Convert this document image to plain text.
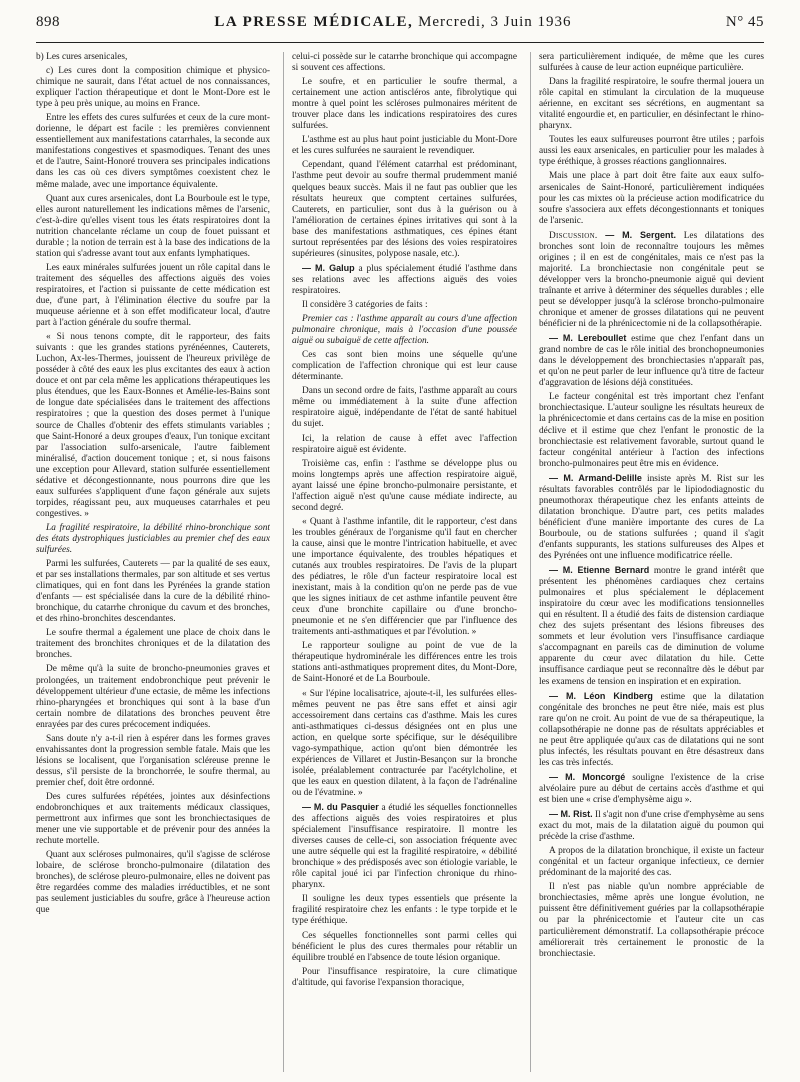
898	LA PRESSE MÉDICALE, Mercredi, 3 Juin 1936	N° 45

b) Les cures arsenicales,

c) Les cures dont la composition chimique et physico-chimique ne saurait, dans l'état actuel de nos connaissances, expliquer l'action thérapeutique et dont le Mont-Dore est le type à peu près unique, au moins en France.

Entre les effets des cures sulfurées et ceux de la cure mont-dorienne, le départ est facile : les premières conviennent essentiellement aux manifestations catarrhales, la seconde aux manifestations congestives et spasmodiques. Tenant des unes et de l'autre, Saint-Honoré trouvera ses principales indications dans les cas où ces divers symptômes coexistent chez le même malade, avec une importance équivalente.

Quant aux cures arsenicales, dont La Bourboule est le type, elles auront naturellement les indications mêmes de l'arsenic, c'est-à-dire qu'elles visent tous les états respiratoires dont la nutrition chancelante réclame un coup de fouet puissant et durable ; la notion de terrain est à la base des indications de la station qui s'adresse avant tout aux enfants lymphatiques.

Les eaux minérales sulfurées jouent un rôle capital dans le traitement des séquelles des affections aiguës des voies respiratoires, et l'action si puissante de cette médication est due, d'une part, à l'élimination élective du soufre par la muqueuse aérienne et à son effet modificateur local, d'autre part à l'action générale du soufre thermal.

« Si nous tenons compte, dit le rapporteur, des faits suivants : que les grandes stations pyrénéennes, Cauterets, Luchon, Ax-les-Thermes, jouissent de l'heureux privilège de posséder à côté des eaux les plus excitantes des eaux à action douce et ont par cela même les applications thérapeutiques les plus étendues, que les Eaux-Bonnes et Amélie-les-Bains sont de longue date spécialisées dans le traitement des affections respiratoires ; que la question des doses permet à l'unique source de Challes d'obtenir des effets stimulants variables ; que Saint-Honoré a deux groupes d'eaux, l'un tonique excitant par l'association sulfo-arsenicale, l'autre faiblement minéralisé, d'action doucement tonique ; et, si nous faisons une exception pour Allevard, station sulfurée essentiellement sédative et décongestionnante, nous pourrons dire que les eaux sulfurées s'appliquent d'une façon générale aux sujets torpides, réagissant peu, aux muqueuses catarrhales et peu congestives. »

La fragilité respiratoire, la débilité rhino-bronchique sont des états dystrophiques justiciables au premier chef des eaux sulfurées.

Parmi les sulfurées, Cauterets — par la qualité de ses eaux, et par ses installations thermales, par son altitude et ses vertus climatiques, qui en font dans les Pyrénées la grande station d'enfants — est spécialisée dans la cure de la débilité rhino-bronchique, du catarrhe chronique du cavum et des bronches, et des rhino-bronchites descendantes.

Le soufre thermal a également une place de choix dans le traitement des bronchites chroniques et de la dilatation des bronches.

De même qu'à la suite de broncho-pneumonies graves et prolongées, un traitement endobronchique peut prévenir le développement ultérieur d'une ectasie, de même les infections rhino-pharyngées et bronchiques qui sont à la base d'un certain nombre de dilatations des bronches peuvent être enrayées par des cures précocement indiquées.

Sans doute n'y a-t-il rien à espérer dans les formes graves envahissantes dont la progression semble fatale. Mais que les lésions se localisent, que l'organisation scléreuse prenne le dessus, s'il persiste de la bronchorrée, le soufre thermal, au premier chef, doit être ordonné.

Des cures sulfurées répétées, jointes aux désinfections endobronchiques et aux traitements médicaux classiques, permettront aux infirmes que sont les bronchiectasiques de mener une vie supportable et de prévenir pour des années la rechute mortelle.

Quant aux scléroses pulmonaires, qu'il s'agisse de sclérose lobaire, de sclérose broncho-pulmonaire (dilatation des bronches), de sclérose pleuro-pulmonaire, elles ne doivent pas être regardées comme des maladies irréductibles, et ne sont pas seulement justiciables du soufre, grâce à l'heureuse action que

celui-ci possède sur le catarrhe bronchique qui accompagne si souvent ces affections.

Le soufre, et en particulier le soufre thermal, a certainement une action antiscléros ante, fibrolytique qui montre à quel point les scléroses pulmonaires méritent de trouver place dans les indications respiratoires des cures sulfurées.

L'asthme est au plus haut point justiciable du Mont-Dore et les cures sulfurées ne sauraient le revendiquer.

Cependant, quand l'élément catarrhal est prédominant, l'asthme peut devoir au soufre thermal prudemment manié quelques beaux succès. Mais il ne faut pas oublier que les résultats heureux que comptent certaines sulfurées, Cauterets, en particulier, sont dus à la guérison ou à l'amélioration de certaines épines irritatives qui sont à la base des manifestations asthmatiques, ces épines étant surtout représentées par des lésions des voies respiratoires supérieures (sinusites, polypose nasale, etc.).

— M. Galup a plus spécialement étudié l'asthme dans ses relations avec les affections aiguës des voies respiratoires.

Il considère 3 catégories de faits :

Premier cas : l'asthme apparaît au cours d'une affection pulmonaire chronique, mais à l'occasion d'une poussée aiguë ou subaiguë de cette affection.

Ces cas sont bien moins une séquelle qu'une complication de l'affection chronique qui est leur cause déterminante.

Dans un second ordre de faits, l'asthme apparaît au cours même ou immédiatement à la suite d'une affection respiratoire aiguë, indépendante de l'état de santé habituel du sujet.

Ici, la relation de cause à effet avec l'affection respiratoire aiguë est évidente.

Troisième cas, enfin : l'asthme se développe plus ou moins longtemps après une affection respiratoire aiguë, ayant laissé une épine broncho-pulmonaire persistante, et l'affection aiguë n'est qu'une cause médiate indirecte, au second degré.

« Quant à l'asthme infantile, dit le rapporteur, c'est dans les troubles généraux de l'organisme qu'il faut en chercher la cause, ainsi que le montre l'intrication habituelle, et avec une importance équivalente, des troubles hépatiques et cutanés aux troubles respiratoires. De l'avis de la plupart des pédiatres, le rôle d'un facteur respiratoire local est inexistant, mais à la condition qu'on ne perde pas de vue que les signes initiaux de cet asthme infantile peuvent être ceux d'une bronchite capillaire ou d'une broncho-pneumonie et ne s'en différencier que par l'influence des traitements anti-asthmatiques et par l'évolution. »

Le rapporteur souligne au point de vue de la thérapeutique hydrominérale les différences entre les trois stations anti-asthmatiques proprement dites, du Mont-Dore, de Saint-Honoré et de La Bourboule.

« Sur l'épine localisatrice, ajoute-t-il, les sulfurées elles-mêmes peuvent ne pas être sans effet et ainsi agir accessoirement dans certains cas d'asthme. Mais les cures anti-asthmatiques ci-dessus désignées ont en plus une action, en quelque sorte spécifique, sur le déséquilibre vago-sympathique, action qu'ont bien démontrée les expériences de Villaret et Justin-Besançon sur la bronche isolée, préalablement contracturée par l'acétylcholine, et que les eaux en question dilatent, à la façon de l'adrénaline ou de l'évatmine. »

— M. du Pasquier a étudié les séquelles fonctionnelles des affections aiguës des voies respiratoires et plus spécialement l'insuffisance respiratoire. Il montre les diverses causes de celle-ci, son association fréquente avec une autre séquelle qui est la fragilité respiratoire, « débilité bronchique » des prédisposés avec son étiologie variable, le rôle capital joué ici par l'infection chronique du rhino-pharynx.

Il souligne les deux types essentiels que présente la fragilité respiratoire chez les enfants : le type torpide et le type éréthique.

Ces séquelles fonctionnelles sont parmi celles qui bénéficient le plus des cures thermales pour rétablir un équilibre troublé en l'absence de toute lésion organique.

Pour l'insuffisance respiratoire, la cure climatique d'altitude, qui favorise l'expansion thoracique,

sera particulièrement indiquée, de même que les cures sulfurées à cause de leur action eupnéique particulière.

Dans la fragilité respiratoire, le soufre thermal jouera un rôle capital en stimulant la circulation de la muqueuse aérienne, en excitant ses sécrétions, en augmentant sa vitalité engourdie et, en particulier, en désinfectant le rhino-pharynx.

Toutes les eaux sulfureuses pourront être utiles ; parfois aussi les eaux arsenicales, en particulier pour les malades à type éréthique, à grosses réactions ganglionnaires.

Mais une place à part doit être faite aux eaux sulfo-arsenicales de Saint-Honoré, particulièrement indiquées pour les cas mixtes où la précieuse action modificatrice du soufre s'associera aux effets décongestionnants et toniques de l'arsenic.

Discussion. — M. Sergent. Les dilatations des bronches sont loin de reconnaître toujours les mêmes origines ; il en est de congénitales, mais ce n'est pas la majorité. La bronchiectasie non congénitale peut se développer vers la broncho-pneumonie aiguë qui devient traînante et arrive à déterminer des séquelles durables ; elle peut se développer jusqu'à la sclérose broncho-pulmonaire chronique et amener de grosses dilatations qui ne peuvent bénéficier ni de la phrénicectomie ni de la collapsothérapie.

— M. Lereboullet estime que chez l'enfant dans un grand nombre de cas le rôle initial des bronchopneumonies dans le développement des bronchiectasies n'apparaît pas, et qu'on ne peut parler de leur influence qu'à titre de facteur d'aggravation de lésions déjà constituées.

Le facteur congénital est très important chez l'enfant bronchiectasique. L'auteur souligne les résultats heureux de la phrénicectomie et dans certains cas de la mise en position déclive et il estime que chez l'enfant le pronostic de la bronchiectasie est relativement favorable, surtout quand le facteur congénital antérieur à l'action des infections broncho-pulmonaires peut être mis en évidence.

— M. Armand-Delille insiste après M. Rist sur les résultats favorables contrôlés par le lipiododiagnostic du pneumothorax thérapeutique chez les enfants atteints de dilatation bronchique. D'autre part, ces petits malades bénéficient d'une manière importante des cures de La Bourboule, ou de stations sulfurées ; quand il s'agit d'enfants suppurants, les stations sulfureuses des Alpes et des Pyrénées ont une influence modificatrice réelle.

— M. Etienne Bernard montre le grand intérêt que présentent les phénomènes cardiaques chez certains pulmonaires et plus spécialement le déplacement inspiratoire du cœur avec les modifications tensionnelles qui en résultent. Il a étudié des faits de distension cardiaque chez des sujets présentant des lésions fibreuses des sommets et leur évolution vers l'insuffisance cardiaque s'accompagnant en pareils cas de diminution de volume apparente du cœur avec dilatation du hile. Cette insuffisance cardiaque peut se reconnaître dès le début par les examens de tension en inspiration et en expiration.

— M. Léon Kindberg estime que la dilatation congénitale des bronches ne peut être niée, mais est plus rare qu'on ne croit. Au point de vue de sa thérapeutique, la collapsothérapie ne donne pas de résultats appréciables et ne peut être appliquée qu'aux cas de dilatations qui ne sont plus infectés, les résultats pouvant en être désastreux dans les cas très infectés.

— M. Moncorgé souligne l'existence de la crise alvéolaire pure au début de certains accès d'asthme et qui est bien une « crise d'emphysème aigu ».

— M. Rist. Il s'agit non d'une crise d'emphysème au sens exact du mot, mais de la dilatation aiguë du poumon qui précède la crise d'asthme.

A propos de la dilatation bronchique, il existe un facteur congénital et un facteur organique infectieux, ce dernier prédominant de la majorité des cas.

Il n'est pas niable qu'un nombre appréciable de bronchiectasies, même après une longue évolution, ne puissent être définitivement guéries par la collapsothérapie ou par la phrénicectomie et l'auteur cite un cas particulièrement démonstratif. La collapsothérapie précoce améliorerait très certainement le pronostic de la bronchiectasie.
